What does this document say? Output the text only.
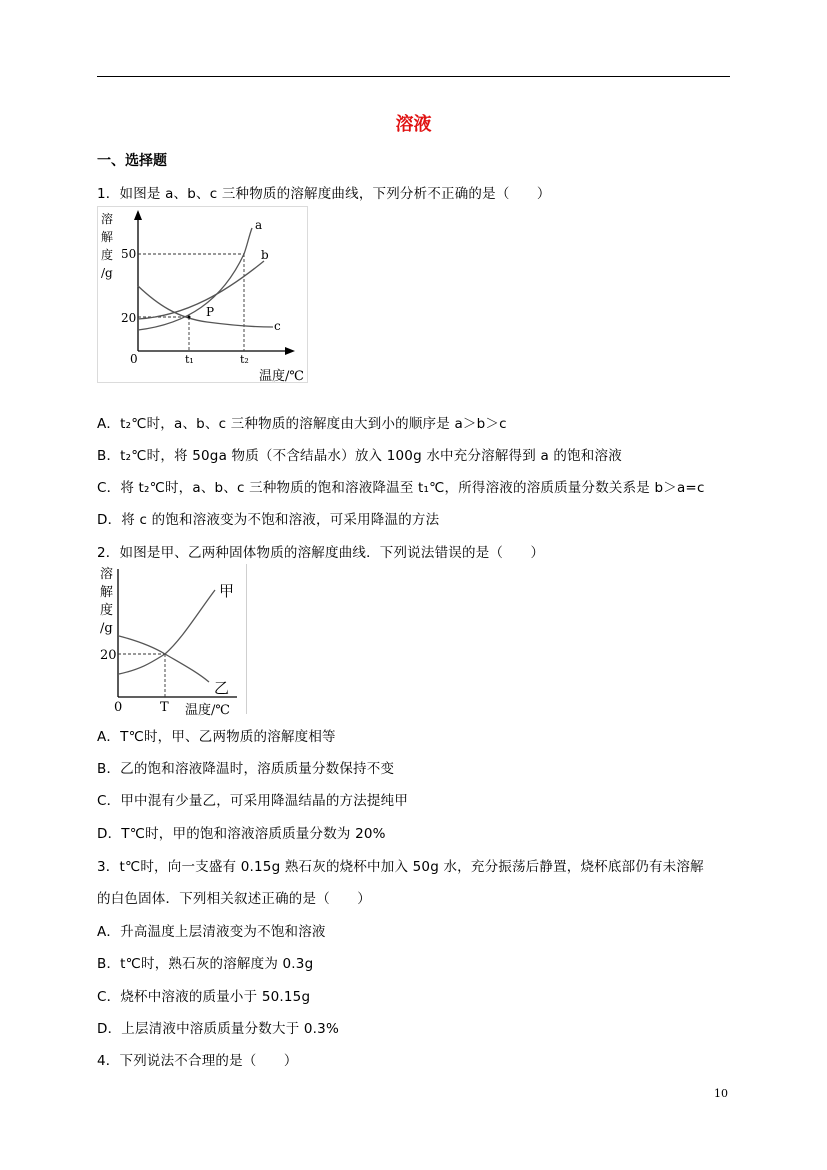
溶液
一、选择题
1．如图是 a、b、c 三种物质的溶解度曲线，下列分析不正确的是（　　）
溶
解
度
/g
50
20
0	t₁	t₂
a
b
c
P
温度/℃
A．t₂℃时，a、b、c 三种物质的溶解度由大到小的顺序是 a＞b＞c
B．t₂℃时，将 50ga 物质（不含结晶水）放入 100g 水中充分溶解得到 a 的饱和溶液
C．将 t₂℃时，a、b、c 三种物质的饱和溶液降温至 t₁℃，所得溶液的溶质质量分数关系是 b＞a=c
D．将 c 的饱和溶液变为不饱和溶液，可采用降温的方法
2．如图是甲、乙两种固体物质的溶解度曲线．下列说法错误的是（　　）
溶
解
度
/g
20
0	T
甲
乙
温度/℃
A．T℃时，甲、乙两物质的溶解度相等
B．乙的饱和溶液降温时，溶质质量分数保持不变
C．甲中混有少量乙，可采用降温结晶的方法提纯甲
D．T℃时，甲的饱和溶液溶质质量分数为 20%
3．t℃时，向一支盛有 0.15g 熟石灰的烧杯中加入 50g 水，充分振荡后静置，烧杯底部仍有未溶解
的白色固体．下列相关叙述正确的是（　　）
A．升高温度上层清液变为不饱和溶液
B．t℃时，熟石灰的溶解度为 0.3g
C．烧杯中溶液的质量小于 50.15g
D．上层清液中溶质质量分数大于 0.3%
4．下列说法不合理的是（　　）
10
